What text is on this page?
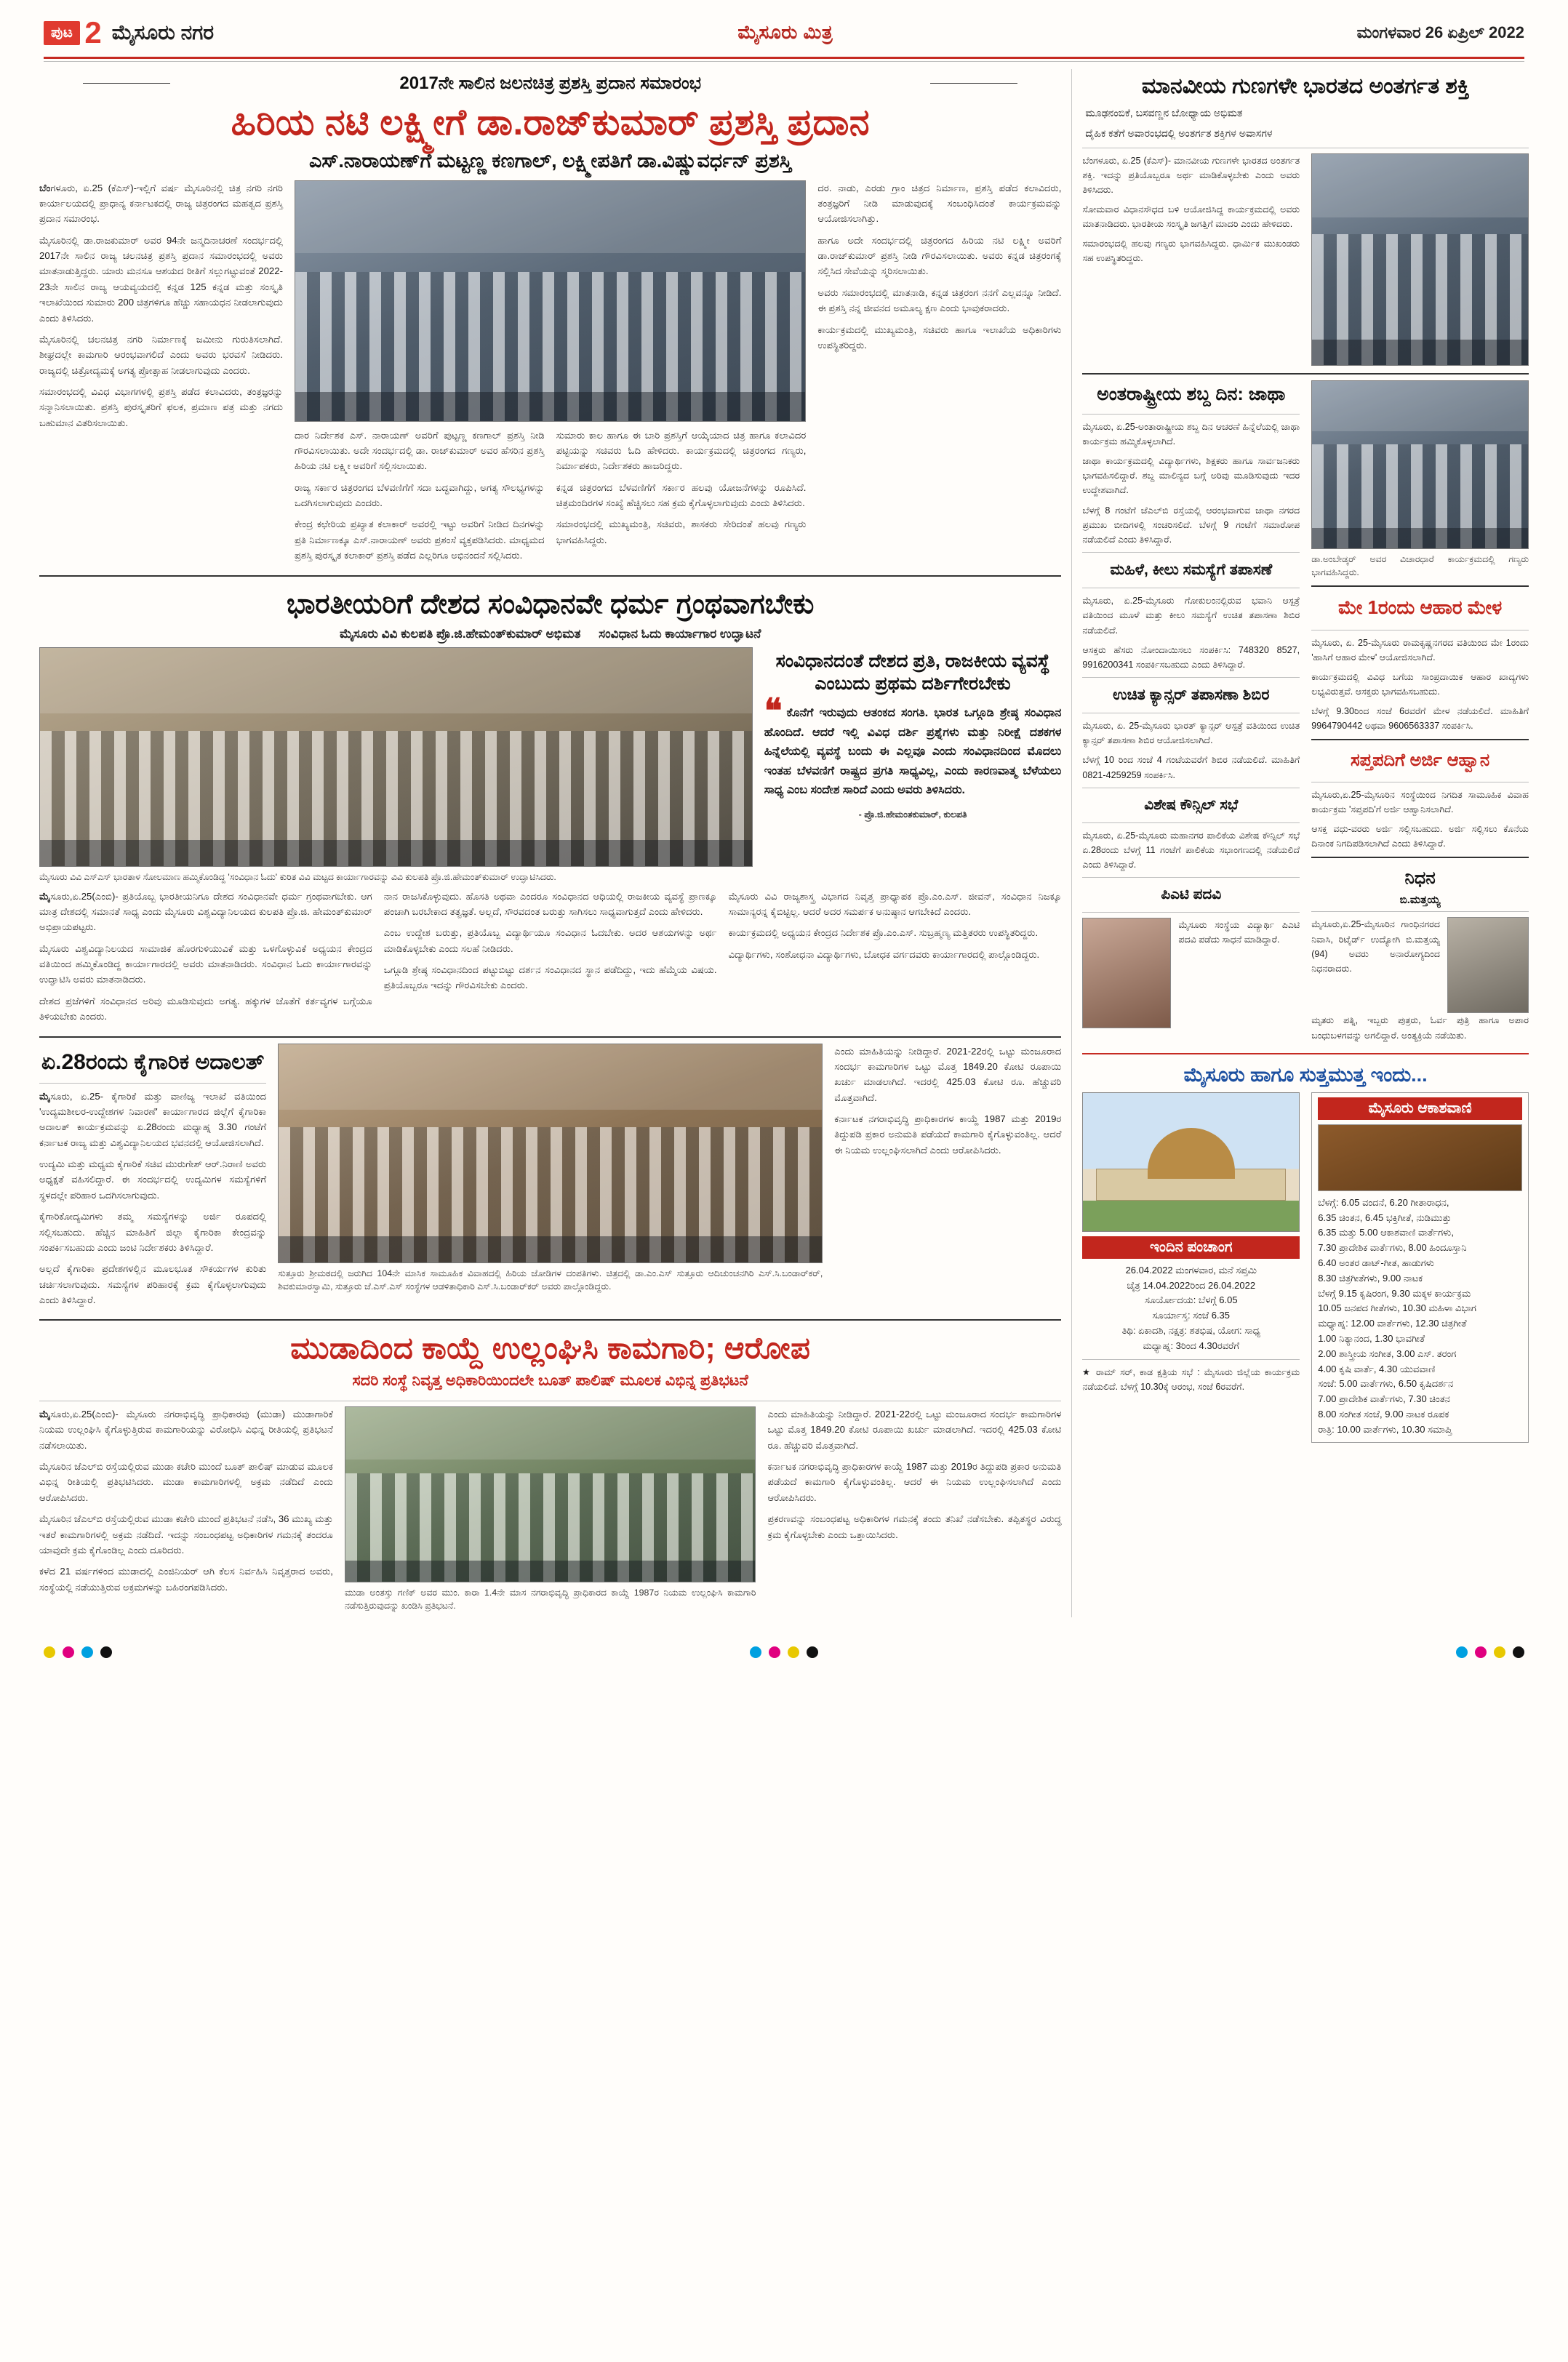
ಪುಟ 2 ಮೈಸೂರು ನಗರ	ಮೈಸೂರು ಮಿತ್ರ	ಮಂಗಳವಾರ 26 ಏಪ್ರಿಲ್ 2022
2017ನೇ ಸಾಲಿನ ಜಲನಚಿತ್ರ ಪ್ರಶಸ್ತಿ ಪ್ರದಾನ ಸಮಾರಂಭ
ಹಿರಿಯ ನಟಿ ಲಕ್ಷ್ಮೀಗೆ ಡಾ.ರಾಜ್‌ಕುಮಾರ್ ಪ್ರಶಸ್ತಿ ಪ್ರದಾನ
ಎಸ್.ನಾರಾಯಣ್‌ಗೆ ಮಟ್ಟಣ್ಣ ಕಣಗಾಲ್, ಲಕ್ಷ್ಮೀಪತಿಗೆ ಡಾ.ವಿಷ್ಣುವರ್ಧನ್ ಪ್ರಶಸ್ತಿ

ಬೆಂಗಳೂರು, ಏ.25 (ಕೆಎಸ್)-ಇಲ್ಲಿಗೆ ವರ್ಷ ಮೈಸೂರಿನಲ್ಲಿ ಚಿತ್ರ ನಗರಿ ನಗರಿ ಕಾರ್ಯಾಲಯದಲ್ಲಿ ಪ್ರಾಧಾನ್ಯ ಕರ್ನಾಟಕದಲ್ಲಿ ರಾಜ್ಯ ಚಿತ್ರರಂಗದ ಮಹತ್ವದ ಪ್ರಶಸ್ತಿ ಪ್ರದಾನ ಸಮಾರಂಭ.

ಮೈಸೂರಿನಲ್ಲಿ ಡಾ.ರಾಜಕುಮಾರ್ ಅವರ 94ನೇ ಜನ್ಮದಿನಾಚರಣೆ ಸಂದರ್ಭದಲ್ಲಿ 2017ನೇ ಸಾಲಿನ ರಾಜ್ಯ ಚಲನಚಿತ್ರ ಪ್ರಶಸ್ತಿ ಪ್ರದಾನ ಸಮಾರಂಭದಲ್ಲಿ ಅವರು ಮಾತನಾಡುತ್ತಿದ್ದರು. ಯಾರು ಮನಸೂ ಆಶಯದ ರೀತಿಗೆ ಸಲ್ಲುಗಟ್ಟುವಂತೆ 2022-23ನೇ ಸಾಲಿನ ರಾಜ್ಯ ಆಯವ್ಯಯದಲ್ಲಿ ಕನ್ನಡ 125 ಕನ್ನಡ ಮತ್ತು ಸಂಸ್ಕೃತಿ ಇಲಾಖೆಯಿಂದ ಸುಮಾರು 200 ಚಿತ್ರಗಳಿಗೂ ಹೆಚ್ಚು ಸಹಾಯಧನ ನೀಡಲಾಗುವುದು ಎಂದು ತಿಳಿಸಿದರು.

ಮೈಸೂರಿನಲ್ಲಿ ಚಲನಚಿತ್ರ ನಗರಿ ನಿರ್ಮಾಣಕ್ಕೆ ಜಮೀನು ಗುರುತಿಸಲಾಗಿದೆ. ಶೀಘ್ರದಲ್ಲೇ ಕಾಮಗಾರಿ ಆರಂಭವಾಗಲಿದೆ ಎಂದು ಅವರು ಭರವಸೆ ನೀಡಿದರು. ರಾಜ್ಯದಲ್ಲಿ ಚಿತ್ರೋದ್ಯಮಕ್ಕೆ ಅಗತ್ಯ ಪ್ರೋತ್ಸಾಹ ನೀಡಲಾಗುವುದು ಎಂದರು.

ಸಮಾರಂಭದಲ್ಲಿ ವಿವಿಧ ವಿಭಾಗಗಳಲ್ಲಿ ಪ್ರಶಸ್ತಿ ಪಡೆದ ಕಲಾವಿದರು, ತಂತ್ರಜ್ಞರನ್ನು ಸನ್ಮಾನಿಸಲಾಯಿತು. ಪ್ರಶಸ್ತಿ ಪುರಸ್ಕೃತರಿಗೆ ಫಲಕ, ಪ್ರಮಾಣ ಪತ್ರ ಮತ್ತು ನಗದು ಬಹುಮಾನ ವಿತರಿಸಲಾಯಿತು.

ದಾರ ನಿರ್ದೇಶಕ ಎಸ್. ನಾರಾಯಣ್ ಅವರಿಗೆ ಪುಟ್ಟಣ್ಣ ಕಣಗಾಲ್ ಪ್ರಶಸ್ತಿ ನೀಡಿ ಗೌರವಿಸಲಾಯಿತು. ಅದೇ ಸಂದರ್ಭದಲ್ಲಿ ಡಾ. ರಾಜ್‌ಕುಮಾರ್ ಅವರ ಹೆಸರಿನ ಪ್ರಶಸ್ತಿ ಹಿರಿಯ ನಟಿ ಲಕ್ಷ್ಮೀ ಅವರಿಗೆ ಸಲ್ಲಿಸಲಾಯಿತು.

ರಾಜ್ಯ ಸರ್ಕಾರ ಚಿತ್ರರಂಗದ ಬೆಳವಣಿಗೆಗೆ ಸದಾ ಬದ್ಧವಾಗಿದ್ದು, ಅಗತ್ಯ ಸೌಲಭ್ಯಗಳನ್ನು ಒದಗಿಸಲಾಗುವುದು ಎಂದರು.

ಕೇಂದ್ರ ಕಛೇರಿಯ ಪ್ರಖ್ಯಾತ ಕಲಾಕಾರ್ ಅವರಲ್ಲಿ ಇಟ್ಟು ಅವರಿಗೆ ನೀಡಿದ ದಿನಗಳನ್ನು ಪ್ರತಿ ನಿರ್ಮಾಣಕ್ಕೂ ಎಸ್.ನಾರಾಯಣ್ ಅವರು ಪ್ರಶಂಸೆ ವ್ಯಕ್ತಪಡಿಸಿದರು. ಮಾಧ್ಯಮದ ಪ್ರಶಸ್ತಿ ಪುರಸ್ಕೃತ ಕಲಾಕಾರ್ ಪ್ರಶಸ್ತಿ ಪಡೆದ ಎಲ್ಲರಿಗೂ ಅಭಿನಂದನೆ ಸಲ್ಲಿಸಿದರು.

ಸುಮಾರು ಕಾಲ ಹಾಗೂ ಈ ಬಾರಿ ಪ್ರಶಸ್ತಿಗೆ ಆಯ್ಕೆಯಾದ ಚಿತ್ರ ಹಾಗೂ ಕಲಾವಿದರ ಪಟ್ಟಿಯನ್ನು ಸಚಿವರು ಓದಿ ಹೇಳಿದರು. ಕಾರ್ಯಕ್ರಮದಲ್ಲಿ ಚಿತ್ರರಂಗದ ಗಣ್ಯರು, ನಿರ್ಮಾಪಕರು, ನಿರ್ದೇಶಕರು ಹಾಜರಿದ್ದರು.

ಕನ್ನಡ ಚಿತ್ರರಂಗದ ಬೆಳವಣಿಗೆಗೆ ಸರ್ಕಾರ ಹಲವು ಯೋಜನೆಗಳನ್ನು ರೂಪಿಸಿದೆ. ಚಿತ್ರಮಂದಿರಗಳ ಸಂಖ್ಯೆ ಹೆಚ್ಚಿಸಲು ಸಹ ಕ್ರಮ ಕೈಗೊಳ್ಳಲಾಗುವುದು ಎಂದು ತಿಳಿಸಿದರು.

ಸಮಾರಂಭದಲ್ಲಿ ಮುಖ್ಯಮಂತ್ರಿ, ಸಚಿವರು, ಶಾಸಕರು ಸೇರಿದಂತೆ ಹಲವು ಗಣ್ಯರು ಭಾಗವಹಿಸಿದ್ದರು.

ದರ. ನಾಡು, ಎರಡು ಗ್ರಾಂ ಚಿತ್ರದ ನಿರ್ಮಾಣ, ಪ್ರಶಸ್ತಿ ಪಡೆದ ಕಲಾವಿದರು, ತಂತ್ರಜ್ಞರಿಗೆ ನೀಡಿ ಮಾಡುವುದಕ್ಕೆ ಸಂಬಂಧಿಸಿದಂತೆ ಕಾರ್ಯಕ್ರಮವನ್ನು ಆಯೋಜಿಸಲಾಗಿತ್ತು.

ಹಾಗೂ ಅದೇ ಸಂದರ್ಭದಲ್ಲಿ ಚಿತ್ರರಂಗದ ಹಿರಿಯ ನಟಿ ಲಕ್ಷ್ಮೀ ಅವರಿಗೆ ಡಾ.ರಾಜ್‌ಕುಮಾರ್ ಪ್ರಶಸ್ತಿ ನೀಡಿ ಗೌರವಿಸಲಾಯಿತು. ಅವರು ಕನ್ನಡ ಚಿತ್ರರಂಗಕ್ಕೆ ಸಲ್ಲಿಸಿದ ಸೇವೆಯನ್ನು ಸ್ಮರಿಸಲಾಯಿತು.

ಅವರು ಸಮಾರಂಭದಲ್ಲಿ ಮಾತನಾಡಿ, ಕನ್ನಡ ಚಿತ್ರರಂಗ ನನಗೆ ಎಲ್ಲವನ್ನೂ ನೀಡಿದೆ. ಈ ಪ್ರಶಸ್ತಿ ನನ್ನ ಜೀವನದ ಅಮೂಲ್ಯ ಕ್ಷಣ ಎಂದು ಭಾವುಕರಾದರು.

ಕಾರ್ಯಕ್ರಮದಲ್ಲಿ ಮುಖ್ಯಮಂತ್ರಿ, ಸಚಿವರು ಹಾಗೂ ಇಲಾಖೆಯ ಅಧಿಕಾರಿಗಳು ಉಪಸ್ಥಿತರಿದ್ದರು.

ಭಾರತೀಯರಿಗೆ ದೇಶದ ಸಂವಿಧಾನವೇ ಧರ್ಮ ಗ್ರಂಥವಾಗಬೇಕು
ಮೈಸೂರು ವಿವಿ ಕುಲಪತಿ ಪ್ರೊ.ಜಿ.ಹೇಮಂತ್‌ಕುಮಾರ್ ಅಭಿಮತ ಸಂವಿಧಾನ ಓದು ಕಾರ್ಯಾಗಾರ ಉದ್ಘಾಟನೆ
ಮೈಸೂರು ವಿವಿ ಎಸ್‌ಎಸ್ ಭಾರತಾಳ ಸೋಲಮಾಣ ಹಮ್ಮಿಕೊಂಡಿದ್ದ 'ಸಂವಿಧಾನ ಓದು' ಕುರಿತ ವಿವಿ ಮಟ್ಟದ ಕಾರ್ಯಾಗಾರವನ್ನು ವಿವಿ ಕುಲಪತಿ ಪ್ರೊ.ಜಿ.ಹೇಮಂತ್‌ಕುಮಾರ್ ಉದ್ಘಾಟಿಸಿದರು.
ಸಂವಿಧಾನದಂತೆ ದೇಶದ ಪ್ರತಿ, ರಾಜಕೀಯ ವ್ಯವಸ್ಥೆ ಎಂಬುದು ಪ್ರಥಮ ದರ್ಶಿಗೇರಬೇಕು
❝ ಕೊನೆಗೆ ಇರುವುದು ಆತಂಕದ ಸಂಗತಿ. ಭಾರತ ಒಗ್ಗೂಡಿ ಶ್ರೇಷ್ಠ ಸಂವಿಧಾನ ಹೊಂದಿದೆ. ಆದರೆ ಇಲ್ಲಿ ವಿವಿಧ ದರ್ಶಿ ಪ್ರಶ್ನೆಗಳು ಮತ್ತು ನಿರೀಕ್ಷೆ ದಶಕಗಳ ಹಿನ್ನೆಲೆಯಲ್ಲಿ ವ್ಯವಸ್ಥೆ ಬಂದು ಈ ಎಲ್ಲವೂ ಎಂದು ಸಂವಿಧಾನದಿಂದ ಮೊದಲು ಇಂತಹ ಬೆಳವಣಿಗೆ ರಾಷ್ಟ್ರದ ಪ್ರಗತಿ ಸಾಧ್ಯವಿಲ್ಲ, ಎಂದು ಕಾರಣವಾತ್ಮ ಬೆಳೆಯಲು ಸಾಧ್ಯ ಎಂಬ ಸಂದೇಶ ಸಾರಿದೆ ಎಂದು ಅವರು ತಿಳಿಸಿದರು.
- ಪ್ರೊ.ಜಿ.ಹೇಮಂತಕುಮಾರ್, ಕುಲಪತಿ

ಮೈಸೂರು,ಏ.25(ಎಂಬಿ)- ಪ್ರತಿಯೊಬ್ಬ ಭಾರತೀಯನಿಗೂ ದೇಶದ ಸಂವಿಧಾನವೇ ಧರ್ಮ ಗ್ರಂಥವಾಗಬೇಕು. ಆಗ ಮಾತ್ರ ದೇಶದಲ್ಲಿ ಸಮಾನತೆ ಸಾಧ್ಯ ಎಂದು ಮೈಸೂರು ವಿಶ್ವವಿದ್ಯಾನಿಲಯದ ಕುಲಪತಿ ಪ್ರೊ.ಜಿ. ಹೇಮಂತ್‌ಕುಮಾರ್ ಅಭಿಪ್ರಾಯಪಟ್ಟರು.

ಮೈಸೂರು ವಿಶ್ವವಿದ್ಯಾನಿಲಯದ ಸಾಮಾಜಿಕ ಹೊರಗುಳಿಯುವಿಕೆ ಮತ್ತು ಒಳಗೊಳ್ಳುವಿಕೆ ಅಧ್ಯಯನ ಕೇಂದ್ರದ ವತಿಯಿಂದ ಹಮ್ಮಿಕೊಂಡಿದ್ದ ಕಾರ್ಯಾಗಾರದಲ್ಲಿ ಅವರು ಮಾತನಾಡಿದರು. ಸಂವಿಧಾನ ಓದು ಕಾರ್ಯಾಗಾರವನ್ನು ಉದ್ಘಾಟಿಸಿ ಅವರು ಮಾತನಾಡಿದರು.

ದೇಶದ ಪ್ರಜೆಗಳಿಗೆ ಸಂವಿಧಾನದ ಅರಿವು ಮೂಡಿಸುವುದು ಅಗತ್ಯ. ಹಕ್ಕುಗಳ ಜೊತೆಗೆ ಕರ್ತವ್ಯಗಳ ಬಗ್ಗೆಯೂ ತಿಳಿಯಬೇಕು ಎಂದರು.

ನಾನ ರಾಜಸಿಕೊಳ್ಳುವುದು. ಹೊಸತಿ ಅಥವಾ ಎಂದರೂ ಸಂವಿಧಾನದ ಆಧಿಯಲ್ಲಿ ರಾಜಕೀಯ ವ್ಯವಸ್ಥೆ ಪ್ರಾಣಕ್ಕೂ ಪಂಚಾಗಿ ಬರಬೇಕಾದ ತತ್ವಜ್ಞತೆ. ಅಲ್ಲದೆ, ಸೌರವದಂತ ಬರುತ್ತು ಸಾಗಿಸಲು ಸಾಧ್ಯವಾಗುತ್ತದೆ ಎಂದು ಹೇಳಿದರು.

ಎಂಬ ಉದ್ದೇಶ ಬರುತ್ತು, ಪ್ರತಿಯೊಬ್ಬ ವಿದ್ಯಾರ್ಥಿಯೂ ಸಂವಿಧಾನ ಓದಬೇಕು. ಅದರ ಆಶಯಗಳನ್ನು ಅರ್ಥ ಮಾಡಿಕೊಳ್ಳಬೇಕು ಎಂದು ಸಲಹೆ ನೀಡಿದರು.

ಒಗ್ಗೂಡಿ ಶ್ರೇಷ್ಠ ಸಂವಿಧಾನದಿಂದ ಪಟ್ಟುಬಿಟ್ಟು ದರ್ಶನ ಸಂವಿಧಾನದ ಸ್ಥಾನ ಪಡೆದಿದ್ದು, ಇದು ಹೆಮ್ಮೆಯ ವಿಷಯ. ಪ್ರತಿಯೊಬ್ಬರೂ ಇದನ್ನು ಗೌರವಿಸಬೇಕು ಎಂದರು.

ಮೈಸೂರು ವಿವಿ ರಾಜ್ಯಶಾಸ್ತ್ರ ವಿಭಾಗದ ನಿವೃತ್ತ ಪ್ರಾಧ್ಯಾಪಕ ಪ್ರೊ.ಎಂ.ಎಸ್. ಜೀವನ್, ಸಂವಿಧಾನ ನಿಜಕ್ಕೂ ಸಾಮಾನ್ಯರನ್ನ ಕೈಬಿಟ್ಟಿಲ್ಲ. ಆದರೆ ಅದರ ಸಮರ್ಪಕ ಅನುಷ್ಠಾನ ಆಗಬೇಕಿದೆ ಎಂದರು.

ಕಾರ್ಯಕ್ರಮದಲ್ಲಿ ಅಧ್ಯಯನ ಕೇಂದ್ರದ ನಿರ್ದೇಶಕ ಪ್ರೊ.ಎಂ.ಎಸ್. ಸುಬ್ರಹ್ಮಣ್ಯ ಮತ್ತಿತರರು ಉಪಸ್ಥಿತರಿದ್ದರು.

ವಿದ್ಯಾರ್ಥಿಗಳು, ಸಂಶೋಧನಾ ವಿದ್ಯಾರ್ಥಿಗಳು, ಬೋಧಕ ವರ್ಗದವರು ಕಾರ್ಯಾಗಾರದಲ್ಲಿ ಪಾಲ್ಗೊಂಡಿದ್ದರು.

ಏ.28ರಂದು ಕೈಗಾರಿಕ ಅದಾಲತ್

ಮೈಸೂರು, ಏ.25- ಕೈಗಾರಿಕೆ ಮತ್ತು ವಾಣಿಜ್ಯ ಇಲಾಖೆ ವತಿಯಿಂದ 'ಉದ್ಯಮಶೀಲರ-ಉದ್ದೇಶಗಳ ನಿವಾರಣೆ' ಕಾರ್ಯಾಗಾರದ ಜಿಲ್ಲೆಗೆ ಕೈಗಾರಿಕಾ ಅದಾಲತ್ ಕಾರ್ಯಕ್ರಮವನ್ನು ಏ.28ರಂದು ಮಧ್ಯಾಹ್ನ 3.30 ಗಂಟೆಗೆ ಕರ್ನಾಟಕ ರಾಜ್ಯ ಮತ್ತು ವಿಶ್ವವಿದ್ಯಾನಿಲಯದ ಭವನದಲ್ಲಿ ಆಯೋಜಿಸಲಾಗಿದೆ.

ಉದ್ಯಮಿ ಮತ್ತು ಮಧ್ಯಮ ಕೈಗಾರಿಕೆ ಸಚಿವ ಮುರುಗೇಶ್ ಆರ್.ನಿರಾಣಿ ಅವರು ಅಧ್ಯಕ್ಷತೆ ವಹಿಸಲಿದ್ದಾರೆ. ಈ ಸಂದರ್ಭದಲ್ಲಿ ಉದ್ಯಮಿಗಳ ಸಮಸ್ಯೆಗಳಿಗೆ ಸ್ಥಳದಲ್ಲೇ ಪರಿಹಾರ ಒದಗಿಸಲಾಗುವುದು.

ಕೈಗಾರಿಕೋದ್ಯಮಿಗಳು ತಮ್ಮ ಸಮಸ್ಯೆಗಳನ್ನು ಅರ್ಜಿ ರೂಪದಲ್ಲಿ ಸಲ್ಲಿಸಬಹುದು. ಹೆಚ್ಚಿನ ಮಾಹಿತಿಗೆ ಜಿಲ್ಲಾ ಕೈಗಾರಿಕಾ ಕೇಂದ್ರವನ್ನು ಸಂಪರ್ಕಿಸಬಹುದು ಎಂದು ಜಂಟಿ ನಿರ್ದೇಶಕರು ತಿಳಿಸಿದ್ದಾರೆ.

ಅಲ್ಲದೆ ಕೈಗಾರಿಕಾ ಪ್ರದೇಶಗಳಲ್ಲಿನ ಮೂಲಭೂತ ಸೌಕರ್ಯಗಳ ಕುರಿತು ಚರ್ಚಿಸಲಾಗುವುದು. ಸಮಸ್ಯೆಗಳ ಪರಿಹಾರಕ್ಕೆ ಕ್ರಮ ಕೈಗೊಳ್ಳಲಾಗುವುದು ಎಂದು ತಿಳಿಸಿದ್ದಾರೆ.

ಸುತ್ತೂರು ಶ್ರೀಮಠದಲ್ಲಿ ಜರುಗಿದ 104ನೇ ಮಾಸಿಕ ಸಾಮೂಹಿಕ ವಿವಾಹದಲ್ಲಿ ಹಿರಿಯ ಜೋಡಿಗಳ ದಂಪತಿಗಳು. ಚಿತ್ರದಲ್ಲಿ ಡಾ.ಎಂ.ಎಸ್ ಸುತ್ತೂರು ಆದಿಚುಂಚನಗಿರಿ ಎಸ್.ಸಿ.ಬಂಡಾರ್‌ಕರ್, ಶಿವಕುಮಾರಸ್ವಾಮಿ, ಸುತ್ತೂರು ಜೆ.ಎಸ್.ಎಸ್ ಸಂಸ್ಥೆಗಳ ಆಡಳಿತಾಧಿಕಾರಿ ಎಸ್.ಸಿ.ಬಂಡಾರ್‌ಕರ್ ಅವರು ಪಾಲ್ಗೊಂಡಿದ್ದರು.

ಎಂದು ಮಾಹಿತಿಯನ್ನು ನೀಡಿದ್ದಾರೆ. 2021-22ರಲ್ಲಿ ಒಟ್ಟು ಮಂಜೂರಾದ ಸಂದರ್ಭ ಕಾಮಗಾರಿಗಳ ಒಟ್ಟು ಮೊತ್ತ 1849.20 ಕೋಟಿ ರೂಪಾಯಿ ಖರ್ಚು ಮಾಡಲಾಗಿದೆ. ಇದರಲ್ಲಿ 425.03 ಕೋಟಿ ರೂ. ಹೆಚ್ಚುವರಿ ಮೊತ್ತವಾಗಿದೆ.

ಕರ್ನಾಟಕ ನಗರಾಭಿವೃದ್ಧಿ ಪ್ರಾಧಿಕಾರಗಳ ಕಾಯ್ದೆ 1987 ಮತ್ತು 2019ರ ತಿದ್ದುಪಡಿ ಪ್ರಕಾರ ಅನುಮತಿ ಪಡೆಯದೆ ಕಾಮಗಾರಿ ಕೈಗೊಳ್ಳುವಂತಿಲ್ಲ. ಆದರೆ ಈ ನಿಯಮ ಉಲ್ಲಂಘಿಸಲಾಗಿದೆ ಎಂದು ಆರೋಪಿಸಿದರು.

ಮುಡಾದಿಂದ ಕಾಯ್ದೆ ಉಲ್ಲಂಘಿಸಿ ಕಾಮಗಾರಿ; ಆರೋಪ
ಸದರಿ ಸಂಸ್ಥೆ ನಿವೃತ್ತ ಅಧಿಕಾರಿಯಿಂದಲೇ ಬೂತ್ ಪಾಲಿಷ್ ಮೂಲಕ ವಿಭಿನ್ನ ಪ್ರತಿಭಟನೆ

ಮೈಸೂರು,ಏ.25(ಎಂಬಿ)- ಮೈಸೂರು ನಗರಾಭಿವೃದ್ಧಿ ಪ್ರಾಧಿಕಾರವು (ಮುಡಾ) ಮುಡಾಗಾರಿಕೆ ನಿಯಮ ಉಲ್ಲಂಘಿಸಿ ಕೈಗೊಳ್ಳುತ್ತಿರುವ ಕಾಮಗಾರಿಯನ್ನು ವಿರೋಧಿಸಿ ವಿಭಿನ್ನ ರೀತಿಯಲ್ಲಿ ಪ್ರತಿಭಟನೆ ನಡೆಸಲಾಯಿತು.

ಮೈಸೂರಿನ ಜೆಎಲ್‌ಬಿ ರಸ್ತೆಯಲ್ಲಿರುವ ಮುಡಾ ಕಚೇರಿ ಮುಂದೆ ಬೂತ್ ಪಾಲಿಷ್ ಮಾಡುವ ಮೂಲಕ ವಿಭಿನ್ನ ರೀತಿಯಲ್ಲಿ ಪ್ರತಿಭಟಿಸಿದರು. ಮುಡಾ ಕಾಮಗಾರಿಗಳಲ್ಲಿ ಅಕ್ರಮ ನಡೆದಿದೆ ಎಂದು ಆರೋಪಿಸಿದರು.

ಮೈಸೂರಿನ ಜೆಎಲ್‌ಬಿ ರಸ್ತೆಯಲ್ಲಿರುವ ಮುಡಾ ಕಚೇರಿ ಮುಂದೆ ಪ್ರತಿಭಟನೆ ನಡೆಸಿ, 36 ಮುಖ್ಯ ಮತ್ತು ಇತರೆ ಕಾಮಗಾರಿಗಳಲ್ಲಿ ಅಕ್ರಮ ನಡೆದಿದೆ. ಇದನ್ನು ಸಂಬಂಧಪಟ್ಟ ಅಧಿಕಾರಿಗಳ ಗಮನಕ್ಕೆ ತಂದರೂ ಯಾವುದೇ ಕ್ರಮ ಕೈಗೊಂಡಿಲ್ಲ ಎಂದು ದೂರಿದರು.

ಕಳೆದ 21 ವರ್ಷಗಳಿಂದ ಮುಡಾದಲ್ಲಿ ಎಂಜಿನಿಯರ್ ಆಗಿ ಕೆಲಸ ನಿರ್ವಹಿಸಿ ನಿವೃತ್ತರಾದ ಅವರು, ಸಂಸ್ಥೆಯಲ್ಲಿ ನಡೆಯುತ್ತಿರುವ ಅಕ್ರಮಗಳನ್ನು ಬಹಿರಂಗಪಡಿಸಿದರು.

ಮುಡಾ ಅಂತಸ್ತು ಗಣಿಕ್ ಅವರ ಮುಂ. ಕಾರಾ 1.4ನೇ ಮಾಸ ನಗರಾಭಿವೃದ್ಧಿ ಪ್ರಾಧಿಕಾರದ ಕಾಯ್ದೆ 1987ರ ನಿಯಮ ಉಲ್ಲಂಘಿಸಿ ಕಾಮಗಾರಿ ನಡೆಸುತ್ತಿರುವುದನ್ನು ಖಂಡಿಸಿ ಪ್ರತಿಭಟನೆ.

ಎಂದು ಮಾಹಿತಿಯನ್ನು ನೀಡಿದ್ದಾರೆ. 2021-22ರಲ್ಲಿ ಒಟ್ಟು ಮಂಜೂರಾದ ಸಂದರ್ಭ ಕಾಮಗಾರಿಗಳ ಒಟ್ಟು ಮೊತ್ತ 1849.20 ಕೋಟಿ ರೂಪಾಯಿ ಖರ್ಚು ಮಾಡಲಾಗಿದೆ. ಇದರಲ್ಲಿ 425.03 ಕೋಟಿ ರೂ. ಹೆಚ್ಚುವರಿ ಮೊತ್ತವಾಗಿದೆ.

ಕರ್ನಾಟಕ ನಗರಾಭಿವೃದ್ಧಿ ಪ್ರಾಧಿಕಾರಗಳ ಕಾಯ್ದೆ 1987 ಮತ್ತು 2019ರ ತಿದ್ದುಪಡಿ ಪ್ರಕಾರ ಅನುಮತಿ ಪಡೆಯದೆ ಕಾಮಗಾರಿ ಕೈಗೊಳ್ಳುವಂತಿಲ್ಲ. ಆದರೆ ಈ ನಿಯಮ ಉಲ್ಲಂಘಿಸಲಾಗಿದೆ ಎಂದು ಆರೋಪಿಸಿದರು.

ಪ್ರಕರಣವನ್ನು ಸಂಬಂಧಪಟ್ಟ ಅಧಿಕಾರಿಗಳ ಗಮನಕ್ಕೆ ತಂದು ತನಿಖೆ ನಡೆಸಬೇಕು. ತಪ್ಪಿತಸ್ಥರ ವಿರುದ್ಧ ಕ್ರಮ ಕೈಗೊಳ್ಳಬೇಕು ಎಂದು ಒತ್ತಾಯಿಸಿದರು.

ಮಾನವೀಯ ಗುಣಗಳೇ ಭಾರತದ ಅಂತರ್ಗತ ಶಕ್ತಿ
ಮೂಢನಂಬಿಕೆ, ಬಸವಣ್ಣನ ಬೋಧ್ಯಾಯ ಅಭಿಮತ
ದೈಹಿಕ ಕತೆಗೆ ಅವಾರಂಭದಲ್ಲಿ ಅಂತರ್ಗತ ಶಕ್ತಿಗಳ ಅವಾಸಗಳ

ಬೆಂಗಳೂರು, ಏ.25 (ಕೆಎಸ್)- ಮಾನವೀಯ ಗುಣಗಳೇ ಭಾರತದ ಅಂತರ್ಗತ ಶಕ್ತಿ. ಇದನ್ನು ಪ್ರತಿಯೊಬ್ಬರೂ ಅರ್ಥ ಮಾಡಿಕೊಳ್ಳಬೇಕು ಎಂದು ಅವರು ತಿಳಿಸಿದರು.

ಸೋಮವಾರ ವಿಧಾನಸೌಧದ ಬಳಿ ಆಯೋಜಿಸಿದ್ದ ಕಾರ್ಯಕ್ರಮದಲ್ಲಿ ಅವರು ಮಾತನಾಡಿದರು. ಭಾರತೀಯ ಸಂಸ್ಕೃತಿ ಜಗತ್ತಿಗೆ ಮಾದರಿ ಎಂದು ಹೇಳಿದರು.

ಸಮಾರಂಭದಲ್ಲಿ ಹಲವು ಗಣ್ಯರು ಭಾಗವಹಿಸಿದ್ದರು. ಧಾರ್ಮಿಕ ಮುಖಂಡರು ಸಹ ಉಪಸ್ಥಿತರಿದ್ದರು.

ಅಂತರಾಷ್ಟ್ರೀಯ ಶಬ್ದ ದಿನ: ಜಾಥಾ

ಮೈಸೂರು, ಏ.25-ಅಂತಾರಾಷ್ಟ್ರೀಯ ಶಬ್ದ ದಿನ ಆಚರಣೆ ಹಿನ್ನೆಲೆಯಲ್ಲಿ ಜಾಥಾ ಕಾರ್ಯಕ್ರಮ ಹಮ್ಮಿಕೊಳ್ಳಲಾಗಿದೆ.

ಜಾಥಾ ಕಾರ್ಯಕ್ರಮದಲ್ಲಿ ವಿದ್ಯಾರ್ಥಿಗಳು, ಶಿಕ್ಷಕರು ಹಾಗೂ ಸಾರ್ವಜನಿಕರು ಭಾಗವಹಿಸಲಿದ್ದಾರೆ. ಶಬ್ದ ಮಾಲಿನ್ಯದ ಬಗ್ಗೆ ಅರಿವು ಮೂಡಿಸುವುದು ಇದರ ಉದ್ದೇಶವಾಗಿದೆ.

ಬೆಳಗ್ಗೆ 8 ಗಂಟೆಗೆ ಜೆಎಲ್‌ಬಿ ರಸ್ತೆಯಲ್ಲಿ ಆರಂಭವಾಗುವ ಜಾಥಾ ನಗರದ ಪ್ರಮುಖ ಬೀದಿಗಳಲ್ಲಿ ಸಂಚರಿಸಲಿದೆ. ಬೆಳಗ್ಗೆ 9 ಗಂಟೆಗೆ ಸಮಾರೋಪ ನಡೆಯಲಿದೆ ಎಂದು ತಿಳಿಸಿದ್ದಾರೆ.

ಮಹಿಳೆ, ಕೀಲು ಸಮಸ್ಯೆಗೆ ತಪಾಸಣೆ

ಮೈಸೂರು, ಏ.25-ಮೈಸೂರು ಗೋಕುಲಂನಲ್ಲಿರುವ ಭವಾನಿ ಆಸ್ಪತ್ರೆ ವತಿಯಿಂದ ಮೂಳೆ ಮತ್ತು ಕೀಲು ಸಮಸ್ಯೆಗೆ ಉಚಿತ ತಪಾಸಣಾ ಶಿಬಿರ ನಡೆಯಲಿದೆ.

ಆಸಕ್ತರು ಹೆಸರು ನೋಂದಾಯಿಸಲು ಸಂಪರ್ಕಿಸಿ: 748320 8527, 9916200341 ಸಂಪರ್ಕಿಸಬಹುದು ಎಂದು ತಿಳಿಸಿದ್ದಾರೆ.

ಉಚಿತ ಕ್ಯಾನ್ಸರ್ ತಪಾಸಣಾ ಶಿಬಿರ

ಮೈಸೂರು, ಏ. 25-ಮೈಸೂರು ಭಾರತ್ ಕ್ಯಾನ್ಸರ್ ಆಸ್ಪತ್ರೆ ವತಿಯಿಂದ ಉಚಿತ ಕ್ಯಾನ್ಸರ್ ತಪಾಸಣಾ ಶಿಬಿರ ಆಯೋಜಿಸಲಾಗಿದೆ.

ಬೆಳಗ್ಗೆ 10 ರಿಂದ ಸಂಜೆ 4 ಗಂಟೆಯವರೆಗೆ ಶಿಬಿರ ನಡೆಯಲಿದೆ. ಮಾಹಿತಿಗೆ 0821-4259259 ಸಂಪರ್ಕಿಸಿ.

ವಿಶೇಷ ಕೌನ್ಸಿಲ್ ಸಭೆ

ಮೈಸೂರು, ಏ.25-ಮೈಸೂರು ಮಹಾನಗರ ಪಾಲಿಕೆಯ ವಿಶೇಷ ಕೌನ್ಸಿಲ್ ಸಭೆ ಏ.28ರಂದು ಬೆಳಗ್ಗೆ 11 ಗಂಟೆಗೆ ಪಾಲಿಕೆಯ ಸಭಾಂಗಣದಲ್ಲಿ ನಡೆಯಲಿದೆ ಎಂದು ತಿಳಿಸಿದ್ದಾರೆ.

ಪಿಎಟಿ ಪದವಿ

ಮೈಸೂರು ಸಂಸ್ಥೆಯ ವಿದ್ಯಾರ್ಥಿ ಪಿಎಟಿ ಪದವಿ ಪಡೆದು ಸಾಧನೆ ಮಾಡಿದ್ದಾರೆ.

ಡಾ.ಅಂಬೇಡ್ಕರ್ ಅವರ ವಿಚಾರಧಾರೆ ಕಾರ್ಯಕ್ರಮದಲ್ಲಿ ಗಣ್ಯರು ಭಾಗವಹಿಸಿದ್ದರು.
ಮೇ 1ರಂದು ಆಹಾರ ಮೇಳ

ಮೈಸೂರು, ಏ. 25-ಮೈಸೂರು ರಾಮಕೃಷ್ಣನಗರದ ವತಿಯಿಂದ ಮೇ 1ರಂದು 'ಹಾಸಿಗೆ ಆಹಾರ ಮೇಳ' ಆಯೋಜಿಸಲಾಗಿದೆ.

ಕಾರ್ಯಕ್ರಮದಲ್ಲಿ ವಿವಿಧ ಬಗೆಯ ಸಾಂಪ್ರದಾಯಿಕ ಆಹಾರ ಖಾದ್ಯಗಳು ಲಭ್ಯವಿರುತ್ತವೆ. ಆಸಕ್ತರು ಭಾಗವಹಿಸಬಹುದು.

ಬೆಳಗ್ಗೆ 9.30ರಿಂದ ಸಂಜೆ 6ರವರೆಗೆ ಮೇಳ ನಡೆಯಲಿದೆ. ಮಾಹಿತಿಗೆ 9964790442 ಅಥವಾ 9606563337 ಸಂಪರ್ಕಿಸಿ.

ಸಪ್ತಪದಿಗೆ ಅರ್ಜಿ ಆಹ್ವಾನ

ಮೈಸೂರು,ಏ.25-ಮೈಸೂರಿನ ಸಂಸ್ಥೆಯಿಂದ ನಿಗದಿತ ಸಾಮೂಹಿಕ ವಿವಾಹ ಕಾರ್ಯಕ್ರಮ 'ಸಪ್ತಪದಿ'ಗೆ ಅರ್ಜಿ ಆಹ್ವಾನಿಸಲಾಗಿದೆ.

ಆಸಕ್ತ ವಧು-ವರರು ಅರ್ಜಿ ಸಲ್ಲಿಸಬಹುದು. ಅರ್ಜಿ ಸಲ್ಲಿಸಲು ಕೊನೆಯ ದಿನಾಂಕ ನಿಗದಿಪಡಿಸಲಾಗಿದೆ ಎಂದು ತಿಳಿಸಿದ್ದಾರೆ.

ನಿಧನ
ಬಿ.ಮತ್ತಯ್ಯ

ಮೈಸೂರು,ಏ.25-ಮೈಸೂರಿನ ಗಾಂಧಿನಗರದ ನಿವಾಸಿ, ರಿಟೈರ್ಡ್ ಉದ್ಯೋಗಿ ಬಿ.ಮತ್ತಯ್ಯ (94) ಅವರು ಅನಾರೋಗ್ಯದಿಂದ ನಿಧನರಾದರು.

ಮೃತರು ಪತ್ನಿ, ಇಬ್ಬರು ಪುತ್ರರು, ಓರ್ವ ಪುತ್ರಿ ಹಾಗೂ ಅಪಾರ ಬಂಧುಬಳಗವನ್ನು ಅಗಲಿದ್ದಾರೆ. ಅಂತ್ಯಕ್ರಿಯೆ ನಡೆಯಿತು.

ಮೈಸೂರು ಹಾಗೂ ಸುತ್ತಮುತ್ತ ಇಂದು...
ಇಂದಿನ ಪಂಚಾಂಗ
26.04.2022 ಮಂಗಳವಾರ, ಮನೆ ಸಪ್ತಮಿ
ಚೈತ್ರ 14.04.2022ರಿಂದ 26.04.2022
ಸೂರ್ಯೋದಯ: ಬೆಳಗ್ಗೆ 6.05
ಸೂರ್ಯಾಸ್ತ: ಸಂಜೆ 6.35
ತಿಥಿ: ಏಕಾದಶಿ, ನಕ್ಷತ್ರ: ಶತಭಿಷ, ಯೋಗ: ಸಾಧ್ಯ
ಮಧ್ಯಾಹ್ನ: 3ರಿಂದ 4.30ರವರೆಗೆ

★ ರಾಮ್ ಸರ್, ಕಾಡ ಕ್ಷತ್ರಿಯ ಸಭೆ : ಮೈಸೂರು ಜಿಲ್ಲೆಯ ಕಾರ್ಯಕ್ರಮ ನಡೆಯಲಿದೆ. ಬೆಳಗ್ಗೆ 10.30ಕ್ಕೆ ಆರಂಭ, ಸಂಜೆ 6ರವರೆಗೆ.

ಮೈಸೂರು ಆಕಾಶವಾಣಿ
ಬೆಳಗ್ಗೆ: 6.05 ವಂದನೆ, 6.20 ಗೀತಾರಾಧನ,
6.35 ಚಿಂತನ, 6.45 ಭಕ್ತಿಗೀತೆ, ನುಡಿಮುತ್ತು
6.35 ಮತ್ತು 5.00 ಆಕಾಶವಾಣಿ ವಾರ್ತೆಗಳು,
7.30 ಪ್ರಾದೇಶಿಕ ವಾರ್ತೆಗಳು, 8.00 ಹಿಂದೂಸ್ತಾನಿ
6.40 ಅಂತರ ಡಾಟ್-ಗೀತ, ಹಾಡುಗಳು
8.30 ಚಿತ್ರಗೀತೆಗಳು, 9.00 ನಾಟಕ
ಬೆಳಗ್ಗೆ 9.15 ಕೃಷಿರಂಗ, 9.30 ಮಕ್ಕಳ ಕಾರ್ಯಕ್ರಮ
10.05 ಜನಪದ ಗೀತೆಗಳು, 10.30 ಮಹಿಳಾ ವಿಭಾಗ
ಮಧ್ಯಾಹ್ನ: 12.00 ವಾರ್ತೆಗಳು, 12.30 ಚಿತ್ರಗೀತೆ
1.00 ನಿತ್ಯಾನಂದ, 1.30 ಭಾವಗೀತೆ
2.00 ಶಾಸ್ತ್ರೀಯ ಸಂಗೀತ, 3.00 ಎಸ್. ತರಂಗ
4.00 ಕೃಷಿ ವಾರ್ತೆ, 4.30 ಯುವವಾಣಿ
ಸಂಜೆ: 5.00 ವಾರ್ತೆಗಳು, 6.50 ಕೃಷಿದರ್ಶನ
7.00 ಪ್ರಾದೇಶಿಕ ವಾರ್ತೆಗಳು, 7.30 ಚಿಂತನ
8.00 ಸಂಗೀತ ಸಂಜೆ, 9.00 ನಾಟಕ ರೂಪಕ
ರಾತ್ರಿ: 10.00 ವಾರ್ತೆಗಳು, 10.30 ಸಮಾಪ್ತಿ
